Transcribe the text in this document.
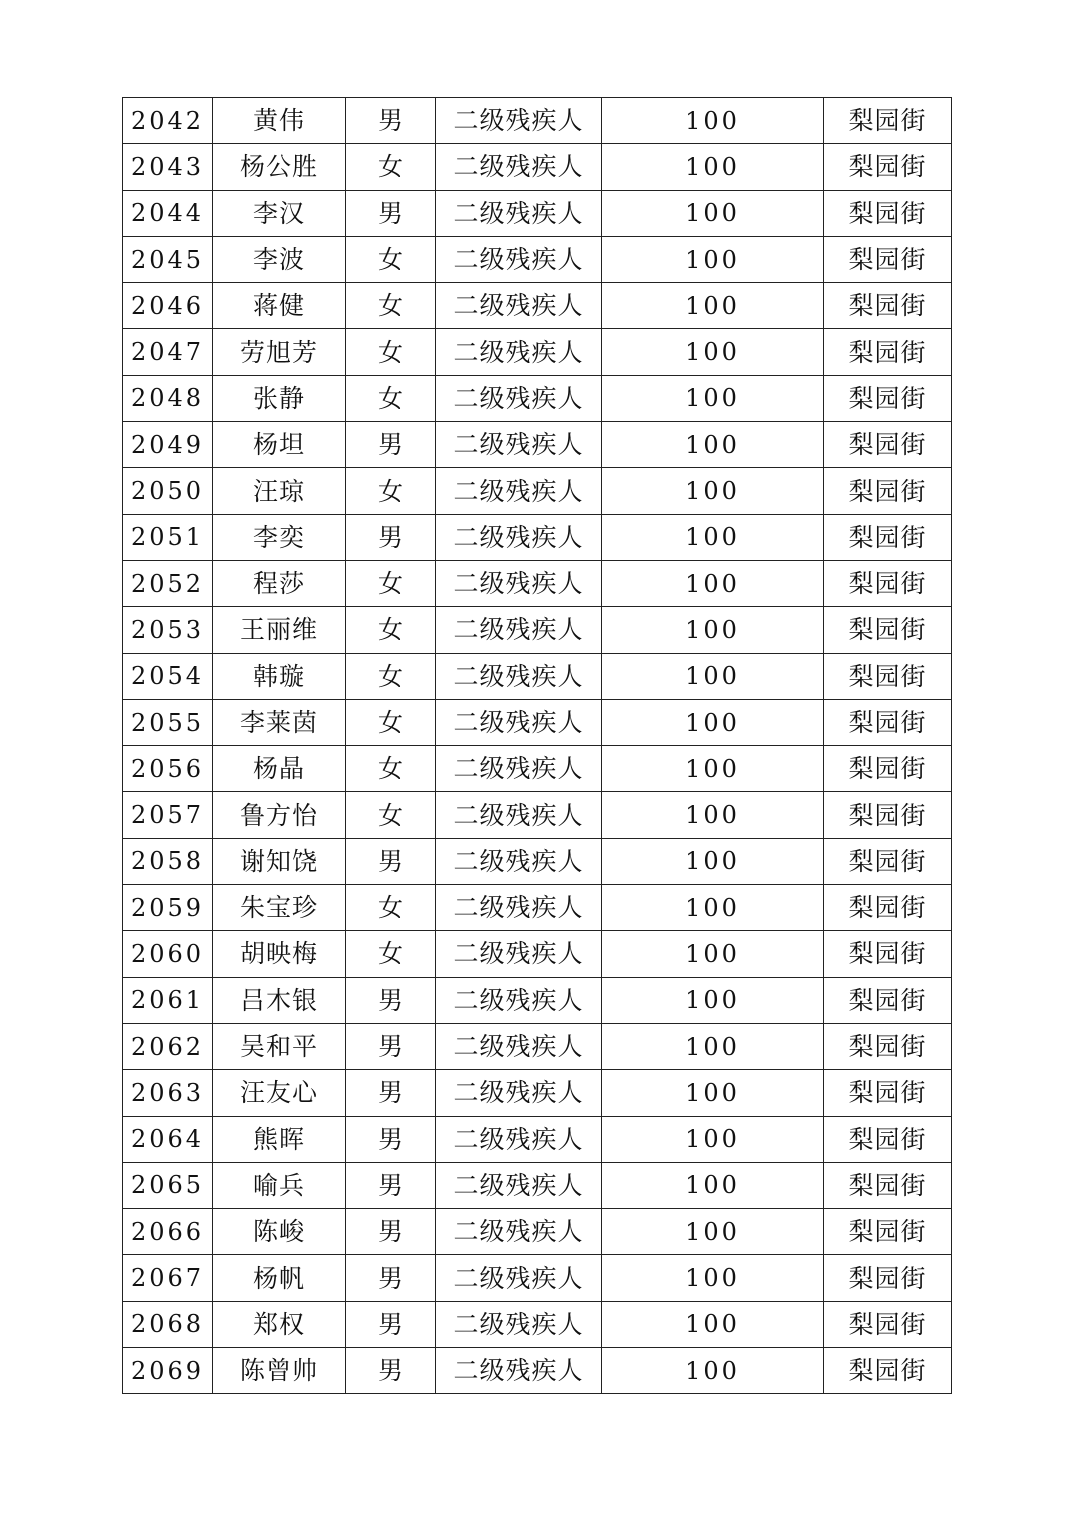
2042	黄伟	男	二级残疾人	100	梨园街
2043	杨公胜	女	二级残疾人	100	梨园街
2044	李汉	男	二级残疾人	100	梨园街
2045	李波	女	二级残疾人	100	梨园街
2046	蒋健	女	二级残疾人	100	梨园街
2047	劳旭芳	女	二级残疾人	100	梨园街
2048	张静	女	二级残疾人	100	梨园街
2049	杨坦	男	二级残疾人	100	梨园街
2050	汪琼	女	二级残疾人	100	梨园街
2051	李奕	男	二级残疾人	100	梨园街
2052	程莎	女	二级残疾人	100	梨园街
2053	王丽维	女	二级残疾人	100	梨园街
2054	韩璇	女	二级残疾人	100	梨园街
2055	李莱茵	女	二级残疾人	100	梨园街
2056	杨晶	女	二级残疾人	100	梨园街
2057	鲁方怡	女	二级残疾人	100	梨园街
2058	谢知饶	男	二级残疾人	100	梨园街
2059	朱宝珍	女	二级残疾人	100	梨园街
2060	胡映梅	女	二级残疾人	100	梨园街
2061	吕木银	男	二级残疾人	100	梨园街
2062	吴和平	男	二级残疾人	100	梨园街
2063	汪友心	男	二级残疾人	100	梨园街
2064	熊晖	男	二级残疾人	100	梨园街
2065	喻兵	男	二级残疾人	100	梨园街
2066	陈峻	男	二级残疾人	100	梨园街
2067	杨帆	男	二级残疾人	100	梨园街
2068	郑权	男	二级残疾人	100	梨园街
2069	陈曾帅	男	二级残疾人	100	梨园街
